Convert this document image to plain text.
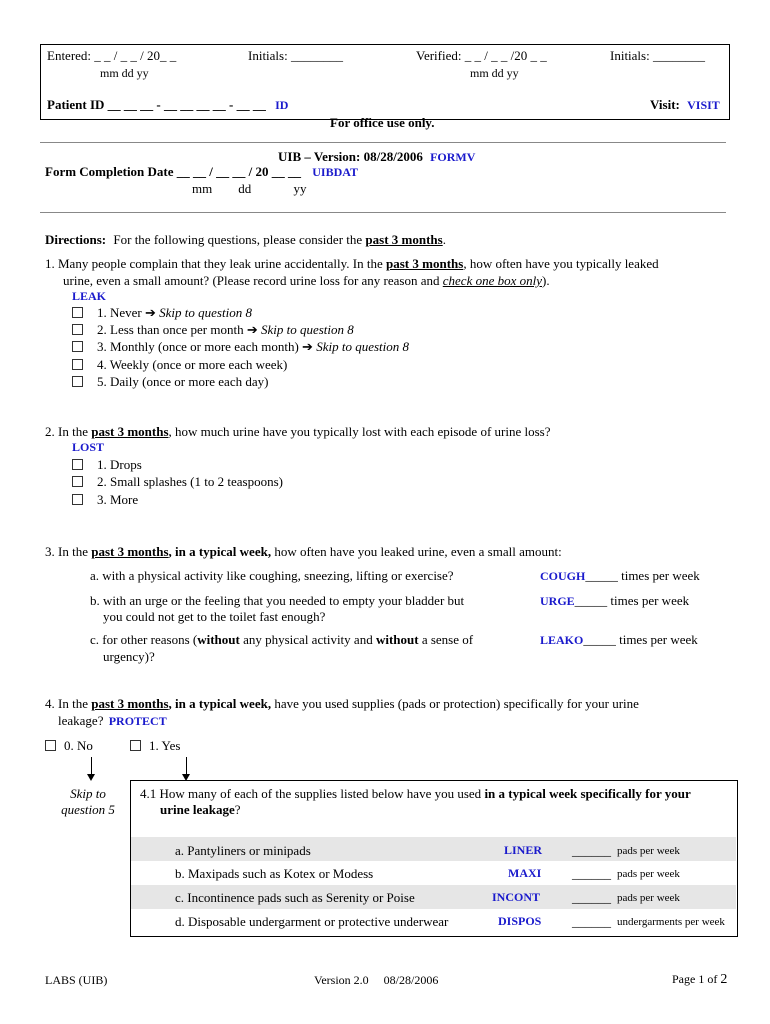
Entered: _ _ / _ _ / 20_ _
mm dd yy
Initials: ________	Verified: _ _ / _ _ /20 _ _
mm dd yy
Initials: ________
Patient ID __ __ __ - __ __ __ __ - __ __ ID	Visit: VISIT
For office use only.
UIB – Version: 08/28/2006 FORMV
Form Completion Date __ __ / __ __ / 20 __ __ UIBDAT
mm        dd             yy
Directions: For the following questions, please consider the past 3 months.
1. Many people complain that they leak urine accidentally. In the past 3 months, how often have you typically leaked
urine, even a small amount? (Please record urine loss for any reason and check one box only).
LEAK
1. Never ➔ Skip to question 8
2. Less than once per month ➔ Skip to question 8
3. Monthly (once or more each month) ➔ Skip to question 8
4. Weekly (once or more each week)
5. Daily (once or more each day)
2. In the past 3 months, how much urine have you typically lost with each episode of urine loss?
LOST
1. Drops
2. Small splashes (1 to 2 teaspoons)
3. More
3. In the past 3 months, in a typical week, how often have you leaked urine, even a small amount:
a. with a physical activity like coughing, sneezing, lifting or exercise?	COUGH_____ times per week
b. with an urge or the feeling that you needed to empty your bladder but
you could not get to the toilet fast enough?
URGE_____ times per week
c. for other reasons (without any physical activity and without a sense of
urgency)?
LEAKO_____ times per week
4. In the past 3 months, in a typical week, have you used supplies (pads or protection) specifically for your urine
leakage? PROTECT
0. No	1. Yes
Skip to
question 5
4.1 How many of each of the supplies listed below have you used in a typical week specifically for your
urine leakage?
a. Pantyliners or minipads	LINER ______ pads per week
b. Maxipads such as Kotex or Modess	MAXI ______ pads per week
c. Incontinence pads such as Serenity or Poise	INCONT ______ pads per week
d. Disposable undergarment or protective underwear	DISPOS ______ undergarments per week
LABS (UIB)	Version 2.0     08/28/2006	Page 1 of 2
